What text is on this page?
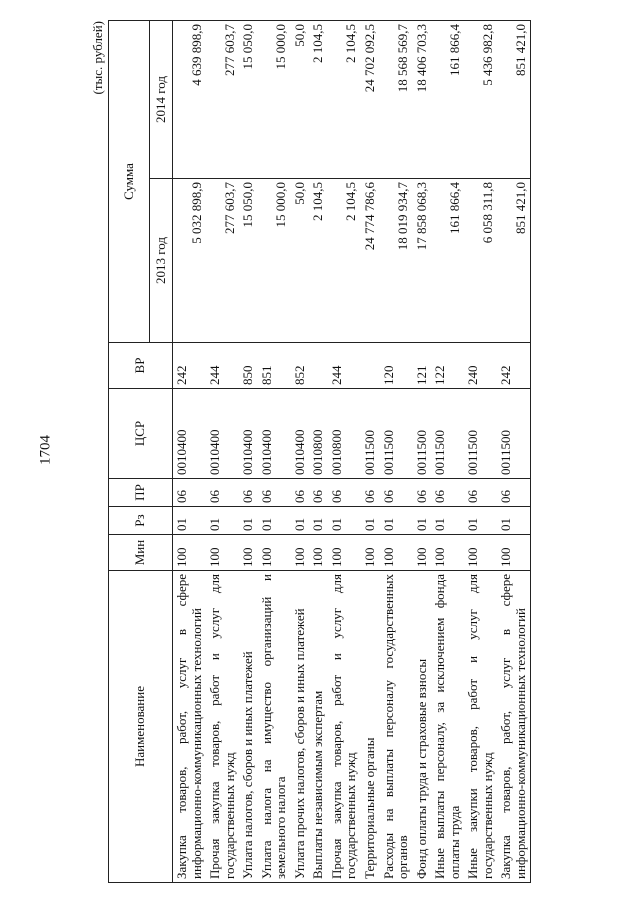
1704
(тыс. рублей)
Наименование	Мин	Рз	ПР	ЦСР	ВР	Сумма	
						2013 год	2014 год
Закупка товаров, работ, услуг в сфере информационно-коммуникационных технологий	100	01	06	0010400	242	5 032 898,9	4 639 898,9
Прочая закупка товаров, работ и услуг для государственных нужд	100	01	06	0010400	244	277 603,7	277 603,7
Уплата налогов, сборов и иных платежей	100	01	06	0010400	850	15 050,0	15 050,0
Уплата налога на имущество организаций и земельного налога	100	01	06	0010400	851	15 000,0	15 000,0
Уплата прочих налогов, сборов и иных платежей	100	01	06	0010400	852	50,0	50,0
Выплаты независимым экспертам	100	01	06	0010800		2 104,5	2 104,5
Прочая закупка товаров, работ и услуг для государственных нужд	100	01	06	0010800	244	2 104,5	2 104,5
Территориальные органы	100	01	06	0011500		24 774 786,6	24 702 092,5
Расходы на выплаты персоналу государственных органов	100	01	06	0011500	120	18 019 934,7	18 568 569,7
Фонд оплаты труда и страховые взносы	100	01	06	0011500	121	17 858 068,3	18 406 703,3
Иные выплаты персоналу, за исключением фонда оплаты труда	100	01	06	0011500	122	161 866,4	161 866,4
Иные закупки товаров, работ и услуг для государственных нужд	100	01	06	0011500	240	6 058 311,8	5 436 982,8
Закупка товаров, работ, услуг в сфере информационно-коммуникационных технологий	100	01	06	0011500	242	851 421,0	851 421,0
